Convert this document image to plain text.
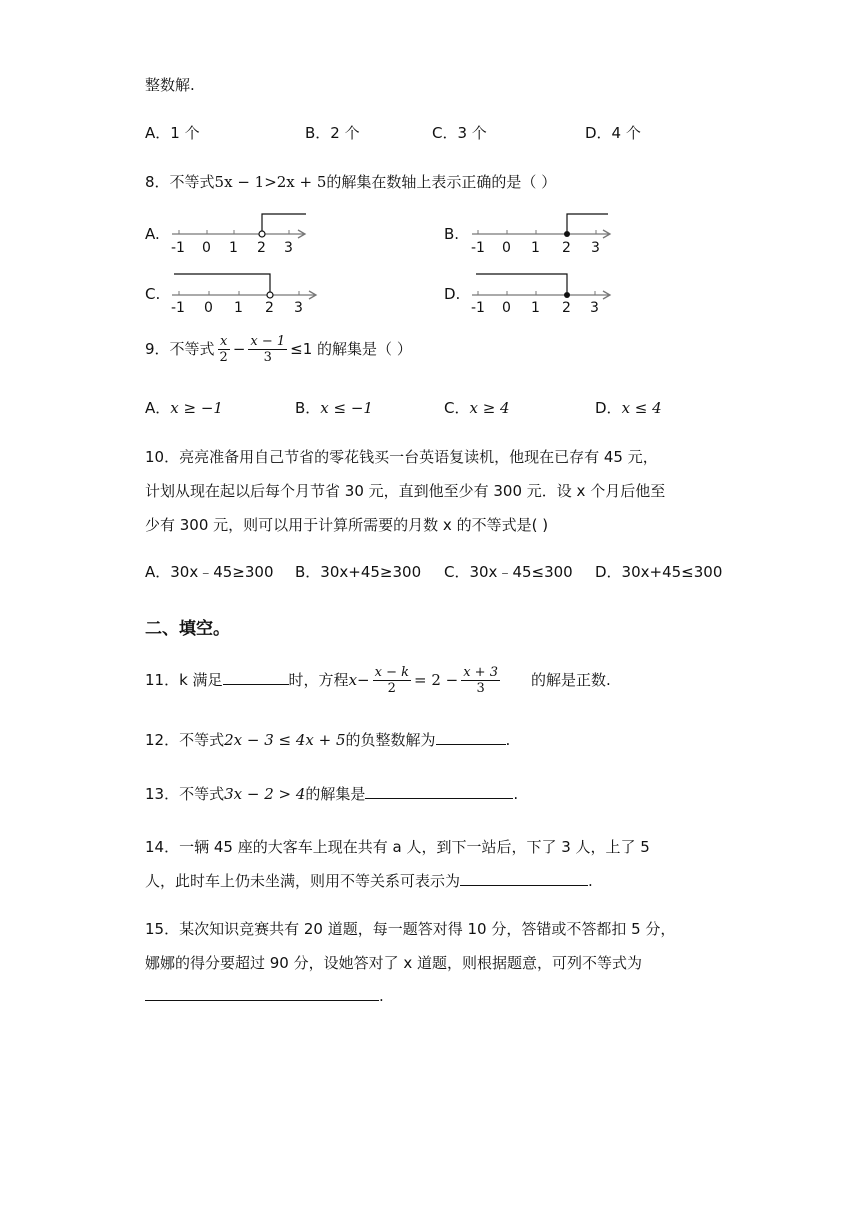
整数解.
A．1 个	B．2 个	C．3 个	D．4 个
8．不等式5x − 1>2x + 5的解集在数轴上表示正确的是（ ）
A.
-1 0 1 2 3
B.
-1 0 1 2 3
C.
-1 0 1 2 3
D.
-1 0 1 2 3
9．不等式 $\frac{x}{2} - \frac{x - 1}{3} \le 1$ 的解集是（ ）
A．x ≥ −1	B．x ≤ −1	C．x ≥ 4	D．x ≤ 4
10．亮亮准备用自己节省的零花钱买一台英语复读机，他现在已存有 45 元，
计划从现在起以后每个月节省 30 元，直到他至少有 300 元．设 x 个月后他至
少有 300 元，则可以用于计算所需要的月数 x 的不等式是( )
A．30x﹣45≥300 B．30x+45≥300 C．30x﹣45≤300 D．30x+45≤300
二、填空。
11．k 满足	时，方程$x- \frac{x - k}{2} = 2 - \frac{x + 3}{3}$ 的解是正数.
12．不等式2x − 3 ≤ 4x + 5的负整数解为	.
13．不等式3x − 2 > 4的解集是	.
14．一辆 45 座的大客车上现在共有 a 人，到下一站后，下了 3 人，上了 5
人，此时车上仍未坐满，则用不等关系可表示为	.
15．某次知识竞赛共有 20 道题，每一题答对得 10 分，答错或不答都扣 5 分，
娜娜的得分要超过 90 分，设她答对了 x 道题，则根据题意，可列不等式为
.
